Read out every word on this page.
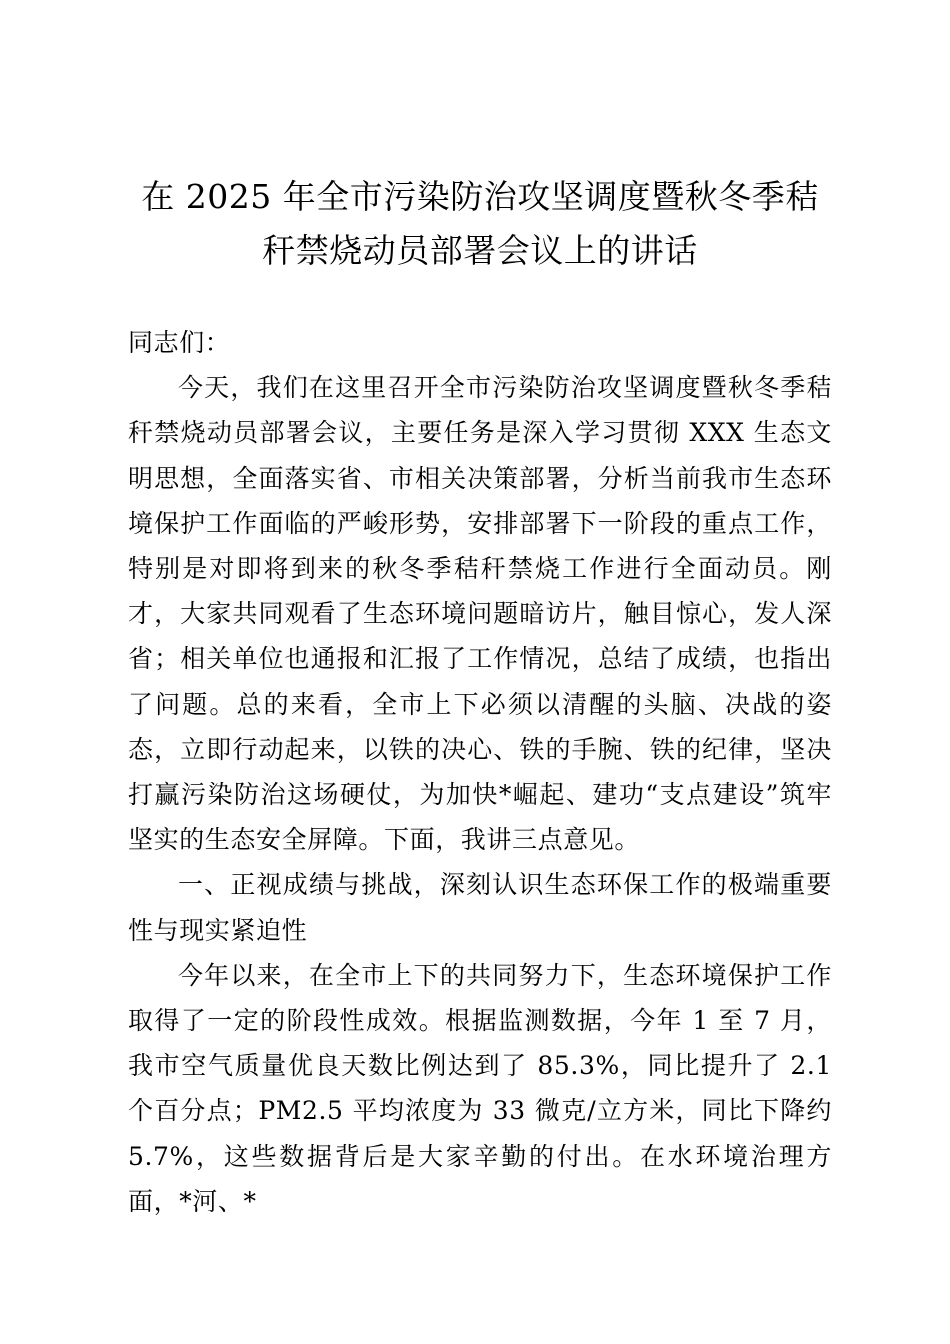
在 2025 年全市污染防治攻坚调度暨秋冬季秸
秆禁烧动员部署会议上的讲话

同志们：

今天，我们在这里召开全市污染防治攻坚调度暨秋冬季秸秆禁烧动员部署会议，主要任务是深入学习贯彻 XXX 生态文明思想，全面落实省、市相关决策部署，分析当前我市生态环境保护工作面临的严峻形势，安排部署下一阶段的重点工作，特别是对即将到来的秋冬季秸秆禁烧工作进行全面动员。刚才，大家共同观看了生态环境问题暗访片，触目惊心，发人深省；相关单位也通报和汇报了工作情况，总结了成绩，也指出了问题。总的来看，全市上下必须以清醒的头脑、决战的姿态，立即行动起来，以铁的决心、铁的手腕、铁的纪律，坚决打赢污染防治这场硬仗，为加快*崛起、建功“支点建设”筑牢坚实的生态安全屏障。下面，我讲三点意见。

一、正视成绩与挑战，深刻认识生态环保工作的极端重要性与现实紧迫性

今年以来，在全市上下的共同努力下，生态环境保护工作取得了一定的阶段性成效。根据监测数据，今年 1 至 7 月，我市空气质量优良天数比例达到了 85.3%，同比提升了 2.1 个百分点；PM2.5 平均浓度为 33 微克/立方米，同比下降约 5.7%，这些数据背后是大家辛勤的付出。在水环境治理方面，*河、*
